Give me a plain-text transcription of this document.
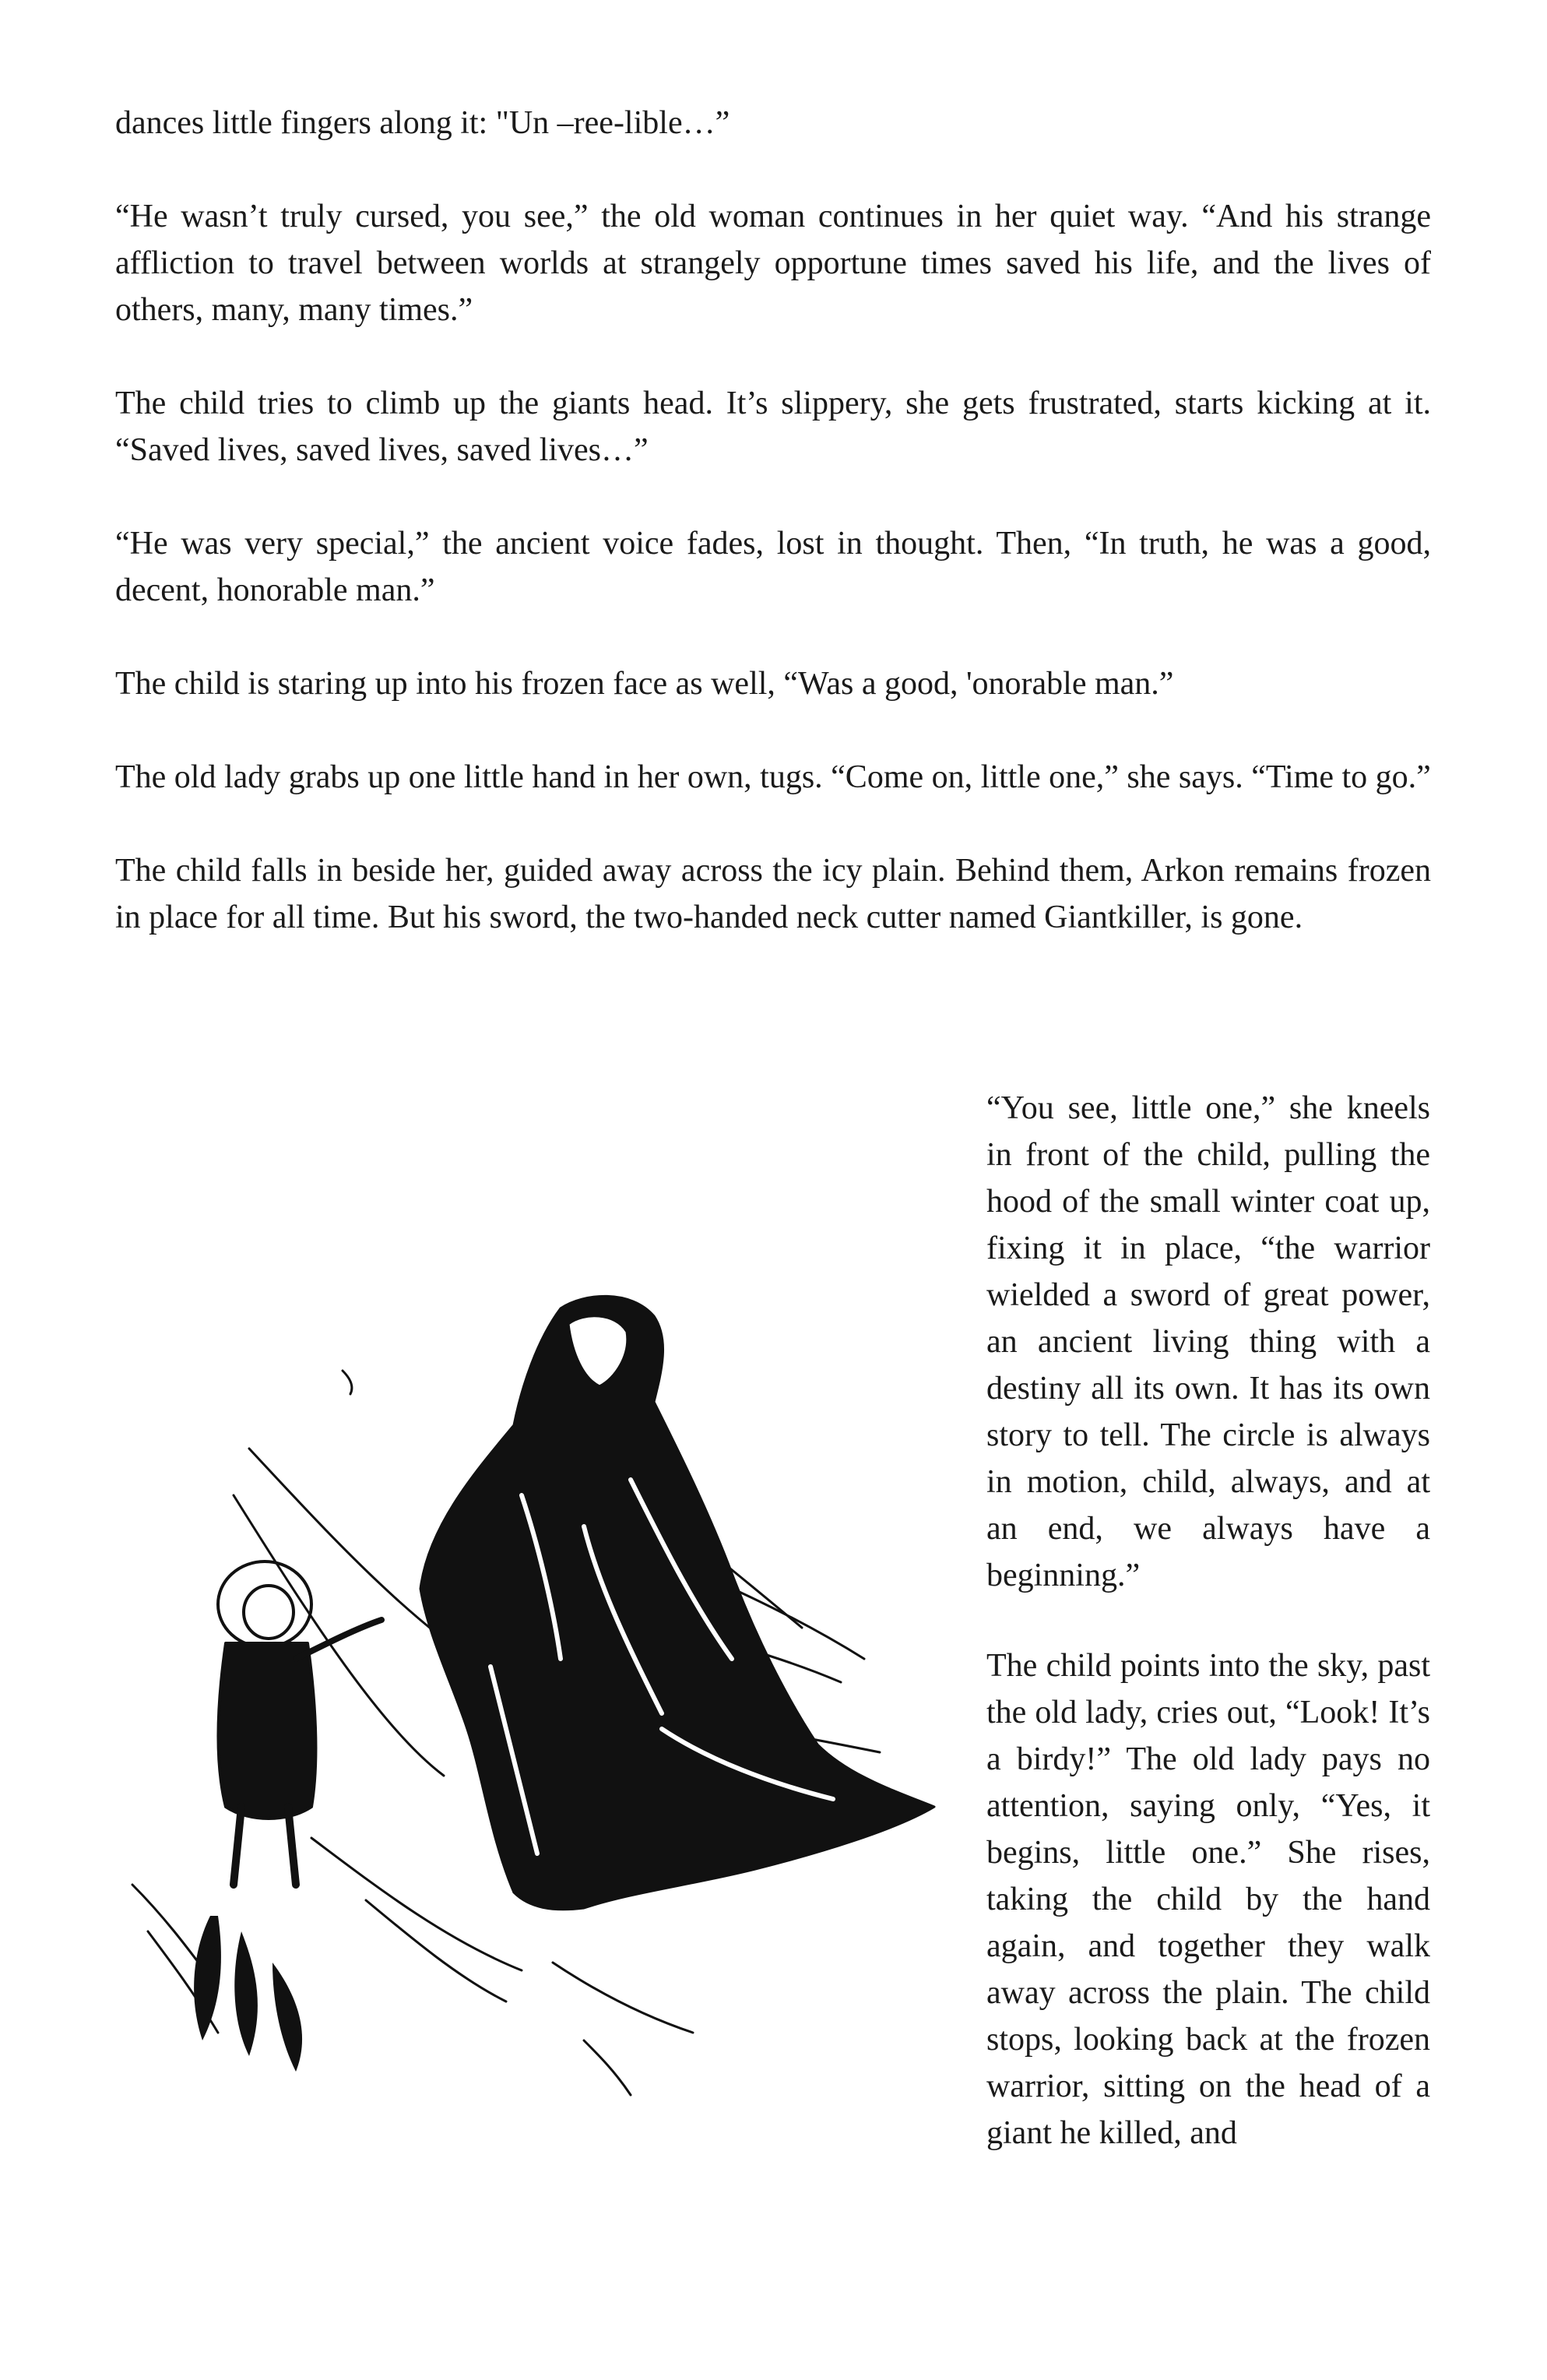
dances little fingers along it: "Un –ree-lible…”

“He wasn’t truly cursed, you see,” the old woman continues in her quiet way. “And his strange affliction to travel between worlds at strangely opportune times saved his life, and the lives of others, many, many times.”

The child tries to climb up the giants head. It’s slippery, she gets frustrated, starts kicking at it. “Saved lives, saved lives, saved lives…”

“He was very special,” the ancient voice fades, lost in thought. Then, “In truth, he was a good, decent, honorable man.”

The child is staring up into his frozen face as well, “Was a good, 'onorable man.”

The old lady grabs up one little hand in her own, tugs. “Come on, little one,” she says. “Time to go.”

The child falls in beside her, guided away across the icy plain. Behind them, Arkon remains frozen in place for all time. But his sword, the two-handed neck cutter named Giantkiller, is gone.

“You see, little one,” she kneels in front of the child, pulling the hood of the small winter coat up, fixing it in place, “the warrior wielded a sword of great power, an ancient living thing with a destiny all its own. It has its own story to tell. The circle is always in motion, child, always, and at an end, we always have a beginning.”

The child points into the sky, past the old lady, cries out, “Look! It’s a birdy!” The old lady pays no attention, saying only, “Yes, it begins, little one.” She rises, taking the child by the hand again, and together they walk away across the plain. The child stops, looking back at the frozen warrior, sitting on the head of a giant he killed, and
